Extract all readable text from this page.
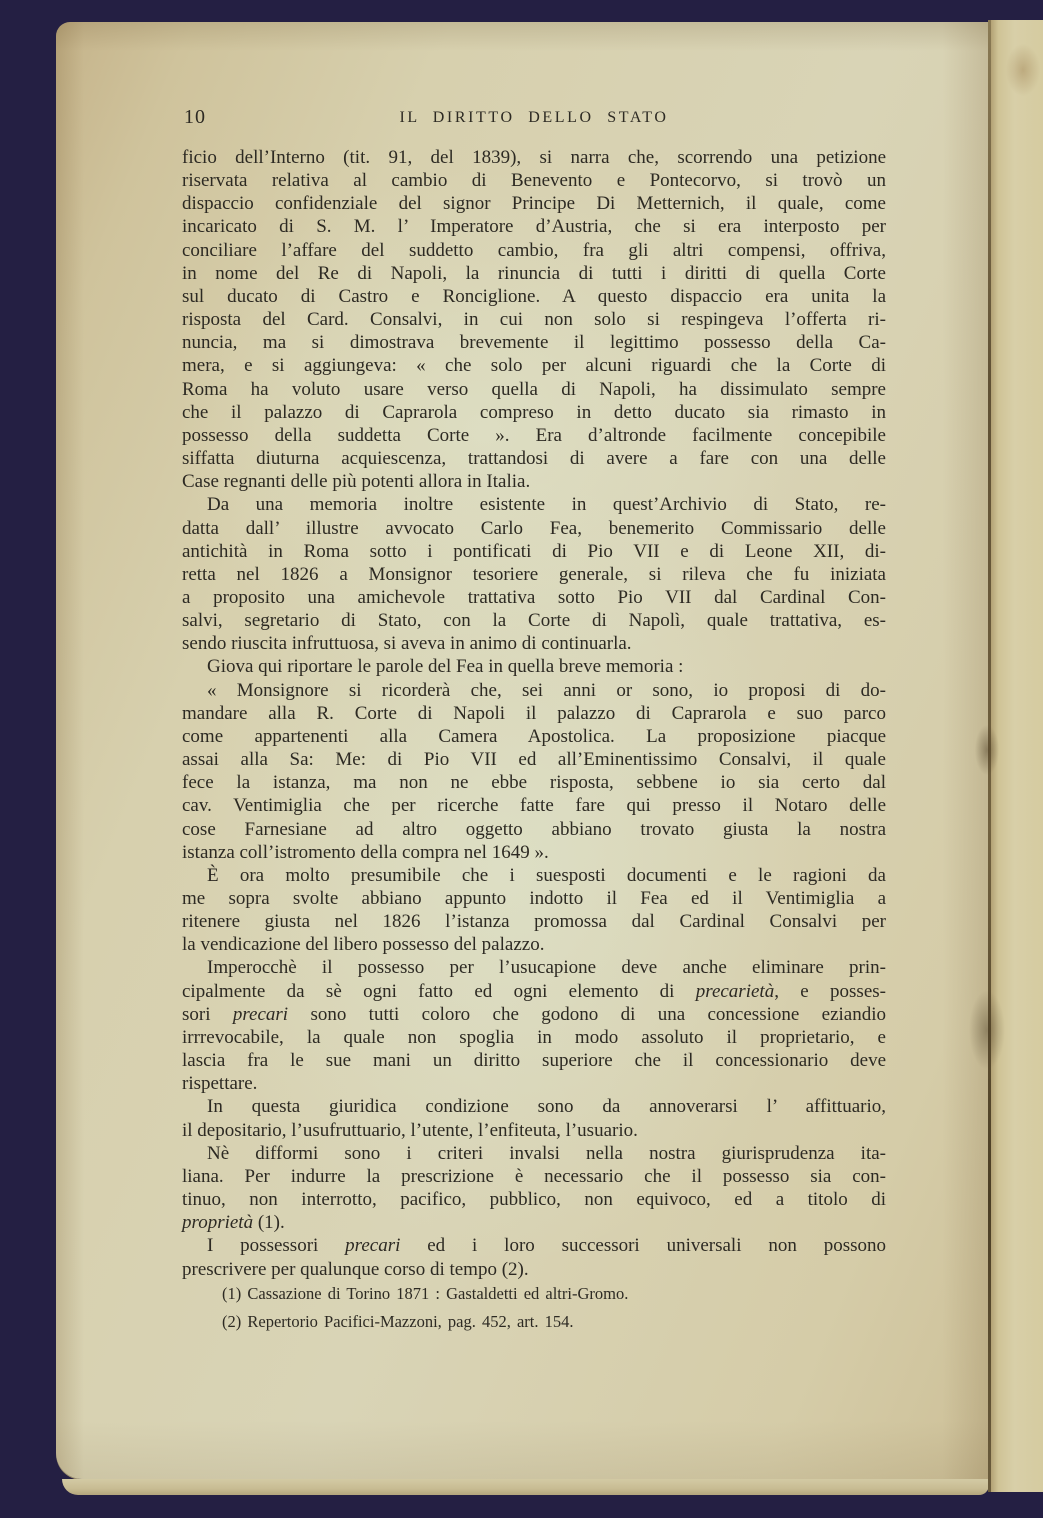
10	IL DIRITTO DELLO STATO
ficio dell’Interno (tit. 91, del 1839), si narra che, scorrendo una petizione
riservata relativa al cambio di Benevento e Pontecorvo, si trovò un
dispaccio confidenziale del signor Principe Di Metternich, il quale, come
incaricato di S. M. l’ Imperatore d’Austria, che si era interposto per
conciliare l’affare del suddetto cambio, fra gli altri compensi, offriva,
in nome del Re di Napoli, la rinuncia di tutti i diritti di quella Corte
sul ducato di Castro e Ronciglione. A questo dispaccio era unita la
risposta del Card. Consalvi, in cui non solo si respingeva l’offerta ri-
nuncia, ma si dimostrava brevemente il legittimo possesso della Ca-
mera, e si aggiungeva: « che solo per alcuni riguardi che la Corte di
Roma ha voluto usare verso quella di Napoli, ha dissimulato sempre
che il palazzo di Caprarola compreso in detto ducato sia rimasto in
possesso della suddetta Corte ». Era d’altronde facilmente concepibile
siffatta diuturna acquiescenza, trattandosi di avere a fare con una delle
Case regnanti delle più potenti allora in Italia.
Da una memoria inoltre esistente in quest’Archivio di Stato, re-
datta dall’ illustre avvocato Carlo Fea, benemerito Commissario delle
antichità in Roma sotto i pontificati di Pio VII e di Leone XII, di-
retta nel 1826 a Monsignor tesoriere generale, si rileva che fu iniziata
a proposito una amichevole trattativa sotto Pio VII dal Cardinal Con-
salvi, segretario di Stato, con la Corte di Napolì, quale trattativa, es-
sendo riuscita infruttuosa, si aveva in animo di continuarla.
Giova qui riportare le parole del Fea in quella breve memoria :
« Monsignore si ricorderà che, sei anni or sono, io proposi di do-
mandare alla R. Corte di Napoli il palazzo di Caprarola e suo parco
come appartenenti alla Camera Apostolica. La proposizione piacque
assai alla Sa: Me: di Pio VII ed all’Eminentissimo Consalvi, il quale
fece la istanza, ma non ne ebbe risposta, sebbene io sia certo dal
cav. Ventimiglia che per ricerche fatte fare qui presso il Notaro delle
cose Farnesiane ad altro oggetto abbiano trovato giusta la nostra
istanza coll’istromento della compra nel 1649 ».
È ora molto presumibile che i suesposti documenti e le ragioni da
me sopra svolte abbiano appunto indotto il Fea ed il Ventimiglia a
ritenere giusta nel 1826 l’istanza promossa dal Cardinal Consalvi per
la vendicazione del libero possesso del palazzo.
Imperocchè il possesso per l’usucapione deve anche eliminare prin-
cipalmente da sè ogni fatto ed ogni elemento di precarietà, e posses-
sori precari sono tutti coloro che godono di una concessione eziandio
irrrevocabile, la quale non spoglia in modo assoluto il proprietario, e
lascia fra le sue mani un diritto superiore che il concessionario deve
rispettare.
In questa giuridica condizione sono da annoverarsi l’ affittuario,
il depositario, l’usufruttuario, l’utente, l’enfiteuta, l’usuario.
Nè difformi sono i criteri invalsi nella nostra giurisprudenza ita-
liana. Per indurre la prescrizione è necessario che il possesso sia con-
tinuo, non interrotto, pacifico, pubblico, non equivoco, ed a titolo di
proprietà (1).
I possessori precari ed i loro successori universali non possono
prescrivere per qualunque corso di tempo (2).
(1) Cassazione di Torino 1871 : Gastaldetti ed altri-Gromo.
(2) Repertorio Pacifici-Mazzoni, pag. 452, art. 154.
